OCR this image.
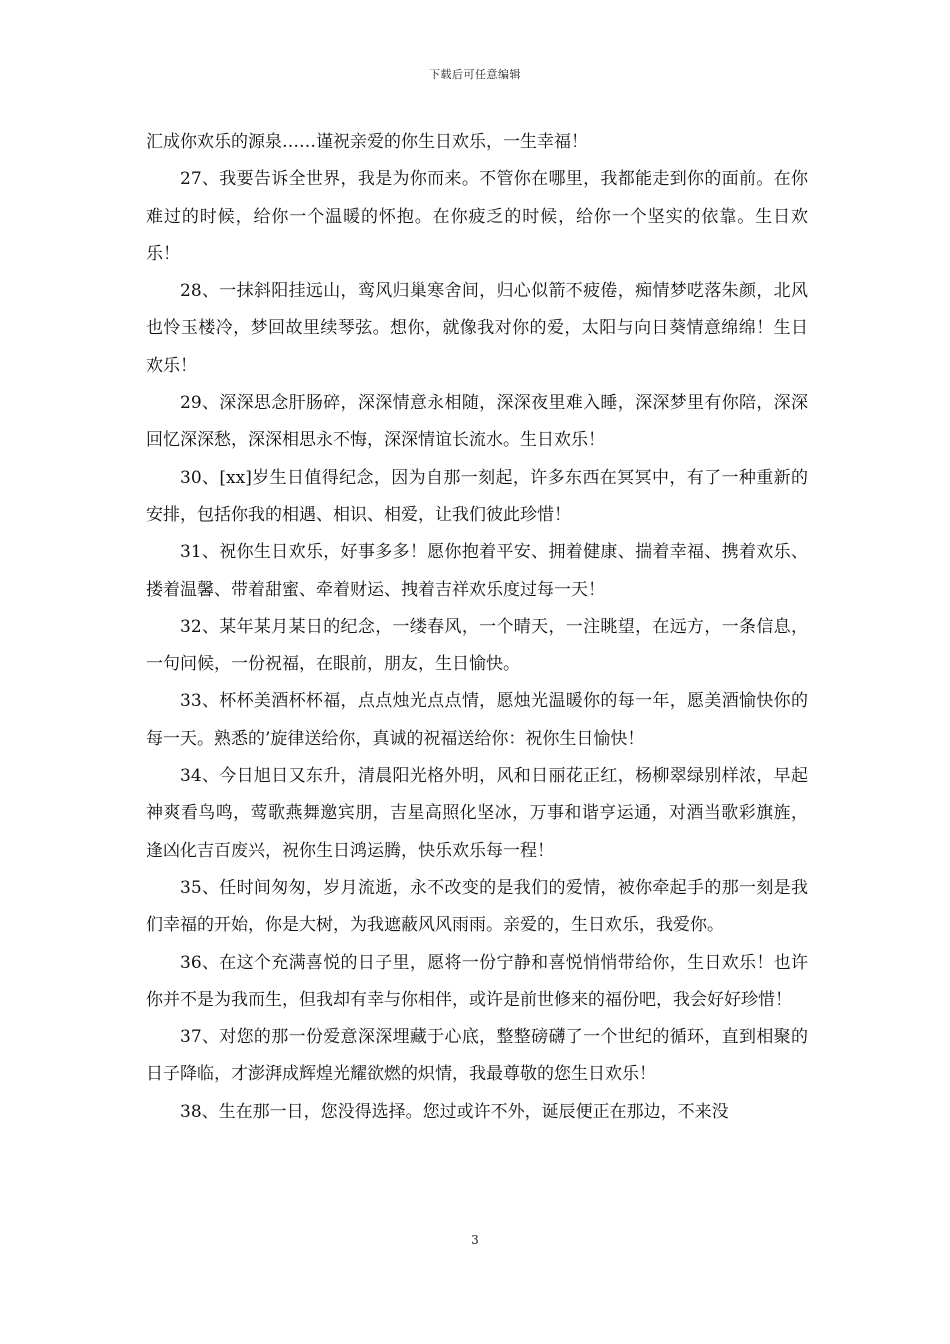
下载后可任意编辑

汇成你欢乐的源泉……谨祝亲爱的你生日欢乐，一生幸福！

27、我要告诉全世界，我是为你而来。不管你在哪里，我都能走到你的面前。在你难过的时候，给你一个温暖的怀抱。在你疲乏的时候，给你一个坚实的依靠。生日欢乐！

28、一抹斜阳挂远山，鸾风归巢寒舍间，归心似箭不疲倦，痴情梦呓落朱颜，北风也怜玉楼冷，梦回故里续琴弦。想你，就像我对你的爱，太阳与向日葵情意绵绵！生日欢乐！

29、深深思念肝肠碎，深深情意永相随，深深夜里难入睡，深深梦里有你陪，深深回忆深深愁，深深相思永不悔，深深情谊长流水。生日欢乐！

30、[xx]岁生日值得纪念，因为自那一刻起，许多东西在冥冥中，有了一种重新的安排，包括你我的相遇、相识、相爱，让我们彼此珍惜！

31、祝你生日欢乐，好事多多！愿你抱着平安、拥着健康、揣着幸福、携着欢乐、搂着温馨、带着甜蜜、牵着财运、拽着吉祥欢乐度过每一天！

32、某年某月某日的纪念，一缕春风，一个晴天，一注眺望，在远方，一条信息，一句问候，一份祝福，在眼前，朋友，生日愉快。

33、杯杯美酒杯杯福，点点烛光点点情，愿烛光温暖你的每一年，愿美酒愉快你的每一天。熟悉的’旋律送给你，真诚的祝福送给你：祝你生日愉快！

34、今日旭日又东升，清晨阳光格外明，风和日丽花正红，杨柳翠绿别样浓，早起神爽看鸟鸣，莺歌燕舞邀宾朋，吉星高照化坚冰，万事和谐亨运通，对酒当歌彩旗旌，逢凶化吉百废兴，祝你生日鸿运腾，快乐欢乐每一程！

35、任时间匆匆，岁月流逝，永不改变的是我们的爱情，被你牵起手的那一刻是我们幸福的开始，你是大树，为我遮蔽风风雨雨。亲爱的，生日欢乐，我爱你。

36、在这个充满喜悦的日子里，愿将一份宁静和喜悦悄悄带给你，生日欢乐！也许你并不是为我而生，但我却有幸与你相伴，或许是前世修来的福份吧，我会好好珍惜！

37、对您的那一份爱意深深埋藏于心底，整整磅礴了一个世纪的循环，直到相聚的日子降临，才澎湃成辉煌光耀欲燃的炽情，我最尊敬的您生日欢乐！

38、生在那一日，您没得选择。您过或许不外，诞辰便正在那边，不来没

3
